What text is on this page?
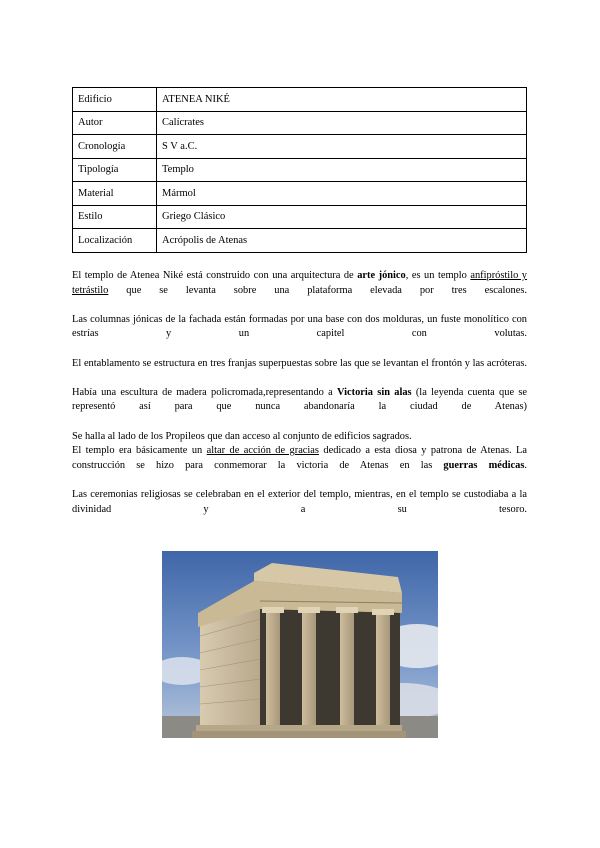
Edificio	ATENEA NIKÉ
Autor	Calícrates
Cronología	S V a.C.
Tipología	Templo
Material	Mármol
Estilo	Griego Clásico
Localización	Acrópolis de Atenas

El templo de Atenea Niké está construido con una arquitectura de arte jónico, es un templo anfipróstilo y tetrástilo que se levanta sobre una plataforma elevada por tres escalones.

Las columnas jónicas de la fachada están formadas por una base con dos molduras, un fuste monolítico con estrías y un capitel con volutas.

El entablamento se estructura en tres franjas superpuestas sobre las que se levantan el frontón y las acróteras.

Había una escultura de madera policromada,representando a Victoria sin alas (la leyenda cuenta que se representó así para que nunca abandonaría la ciudad de Atenas)

Se halla al lado de los Propileos que dan acceso al conjunto de edificios sagrados.

El templo era básicamente un altar de acción de gracias dedicado a esta diosa y patrona de Atenas. La construcción se hizo para conmemorar la victoria de Atenas en las guerras médicas.

Las ceremonias religiosas se celebraban en el exterior del templo, mientras, en el templo se custodiaba a la divinidad y a su tesoro.
